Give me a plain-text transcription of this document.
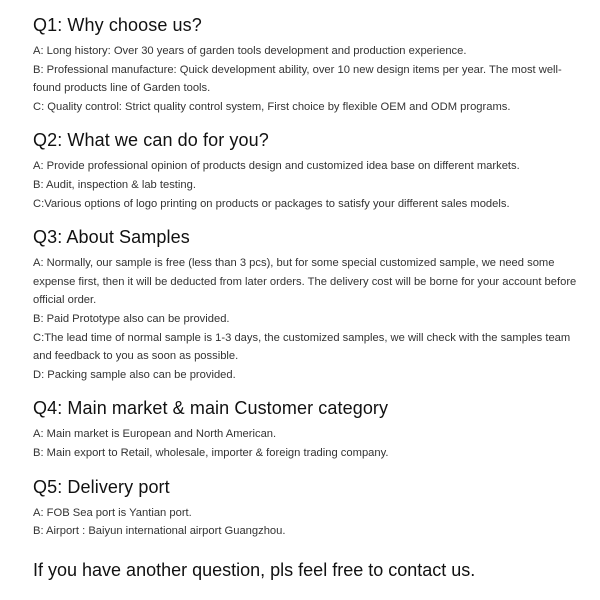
Q1: Why choose us?

A: Long history: Over 30 years of garden tools development and production experience.

B: Professional manufacture: Quick development ability, over 10 new design items per year. The most well-found products line of Garden tools.

C: Quality control: Strict quality control system, First choice by flexible OEM and ODM programs.

Q2: What we can do for you?

A: Provide professional opinion of products design and customized idea base on different markets.

B: Audit, inspection & lab testing.

C:Various options of logo printing on products or packages to satisfy your different sales models.

Q3: About Samples

A: Normally, our sample is free (less than 3 pcs), but for some special customized sample, we need some expense first, then it will be deducted from later orders. The delivery cost will be borne for your account before official order.

B: Paid Prototype also can be provided.

C:The lead time of normal sample is 1-3 days, the customized samples, we will check with the samples team and feedback to you as soon as possible.

D: Packing sample also can be provided.

Q4: Main market & main Customer category

A: Main market is European and North American.

B: Main export to Retail, wholesale, importer & foreign trading company.

Q5: Delivery port

A: FOB Sea port is Yantian port.

B: Airport : Baiyun international airport Guangzhou.

If you have another question, pls feel free to contact us.
